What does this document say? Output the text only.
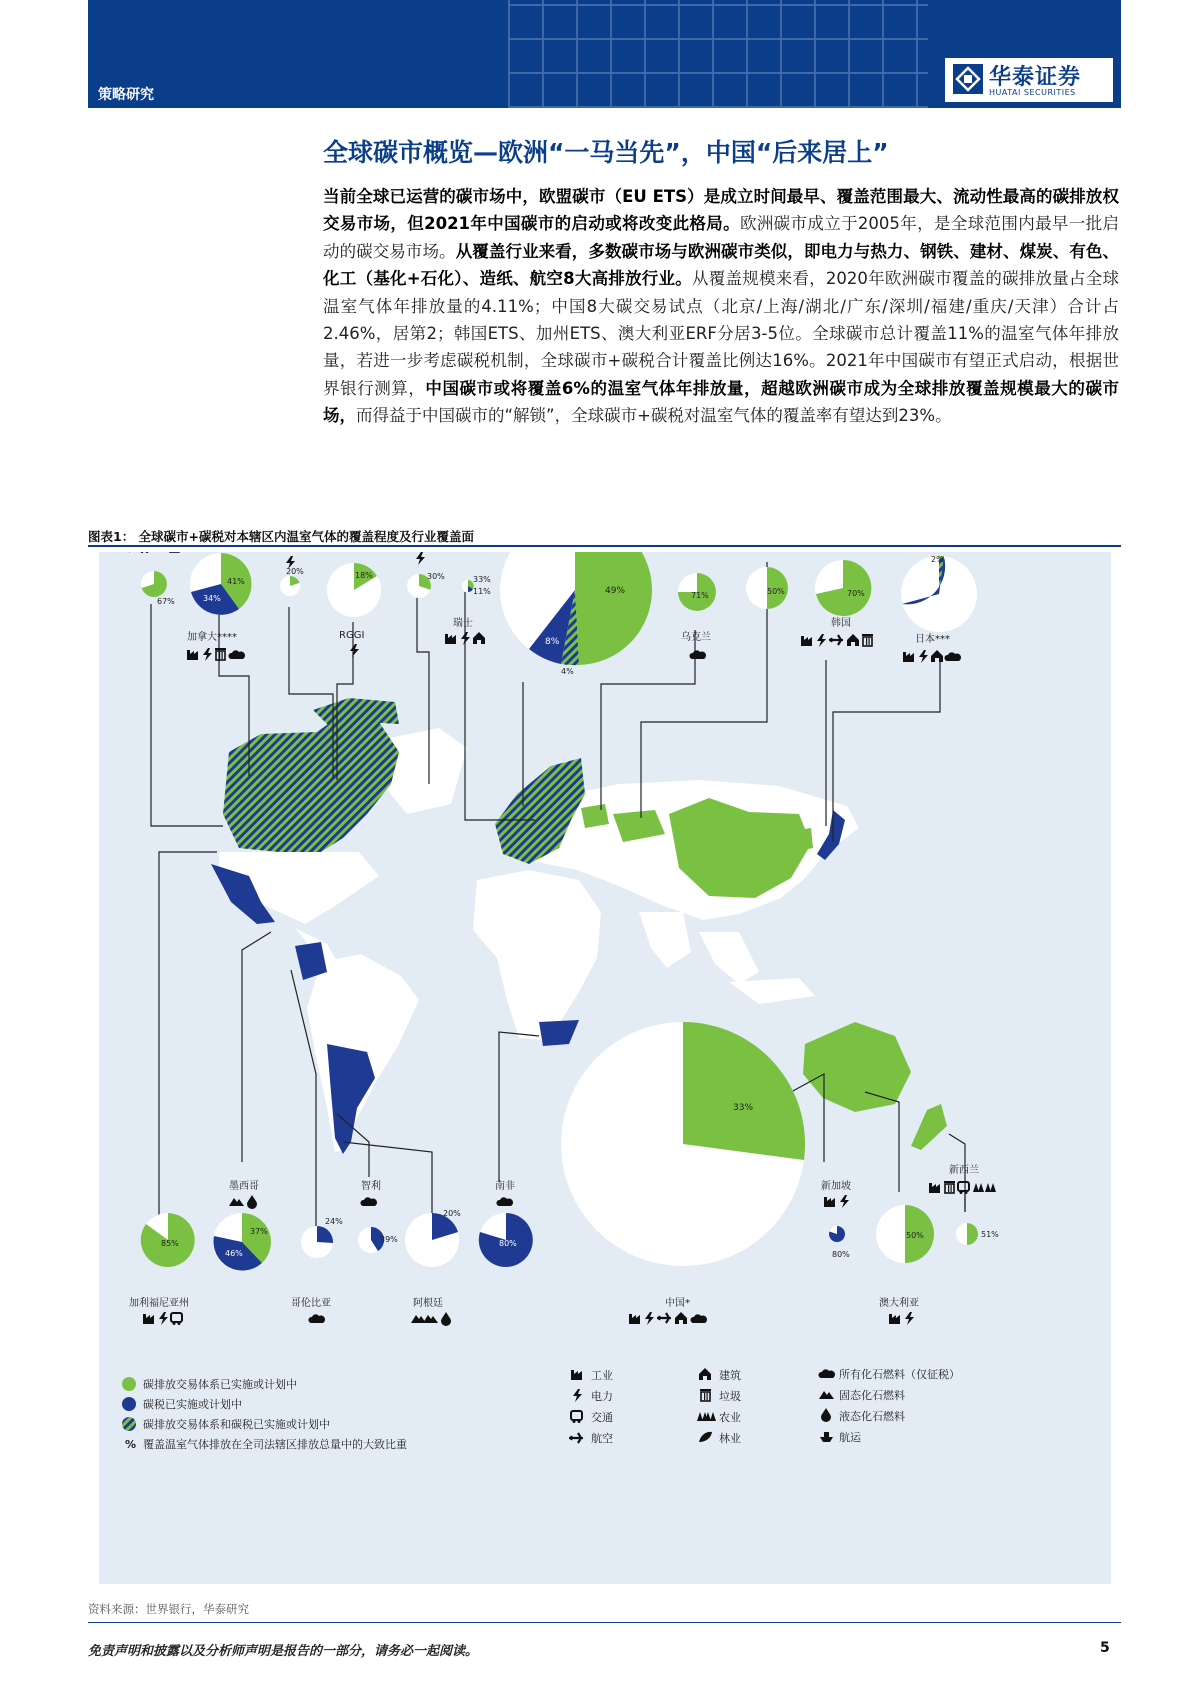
策略研究
华泰证券
HUATAI SECURITIES
全球碳市概览—欧洲“一马当先”，中国“后来居上”
当前全球已运营的碳市场中，欧盟碳市（EU ETS）是成立时间最早、覆盖范围最大、流动性最高的碳排放权交易市场，但2021年中国碳市的启动或将改变此格局。欧洲碳市成立于2005年，是全球范围内最早一批启动的碳交易市场。从覆盖行业来看，多数碳市场与欧洲碳市类似，即电力与热力、钢铁、建材、煤炭、有色、化工（基化+石化）、造纸、航空8大高排放行业。从覆盖规模来看，2020年欧洲碳市覆盖的碳排放量占全球温室气体年排放量的4.11%；中国8大碳交易试点（北京/上海/湖北/广东/深圳/福建/重庆/天津）合计占2.46%，居第2；韩国ETS、加州ETS、澳大利亚ERF分居3-5位。全球碳市总计覆盖11%的温室气体年排放量，若进一步考虑碳税机制，全球碳市+碳税合计覆盖比例达16%。2021年中国碳市有望正式启动，根据世界银行测算，中国碳市或将覆盖6%的温室气体年排放量，超越欧洲碳市成为全球排放覆盖规模最大的碳市场，而得益于中国碳市的“解锁”，全球碳市+碳税对温室气体的覆盖率有望达到23%。
图表1： 全球碳市+碳税对本辖区内温室气体的覆盖程度及行业覆盖面
67%
41%
34%
20%	18%	30%	33%
11%	49%
8%
4%
71%	50%	70%
2%
65%
加拿大****	RGGI
瑞士
乌克兰
韩国
日本***
85%
37%
46%
24%
39%
20%
80%
33%
80%
50%	51%
墨西哥	智利	南非	新加坡
新西兰
加利福尼亚州	哥伦比亚	阿根廷	中国*	澳大利亚
碳排放交易体系已实施或计划中
碳税已实施或计划中
碳排放交易体系和碳税已实施或计划中
% 覆盖温室气体排放在全司法辖区排放总量中的大致比重
工业
电力
交通
航空
建筑
垃圾
农业
林业
所有化石燃料（仅征税）
固态化石燃料
液态化石燃料
航运
资料来源：世界银行，华泰研究
免责声明和披露以及分析师声明是报告的一部分，请务必一起阅读。	5
